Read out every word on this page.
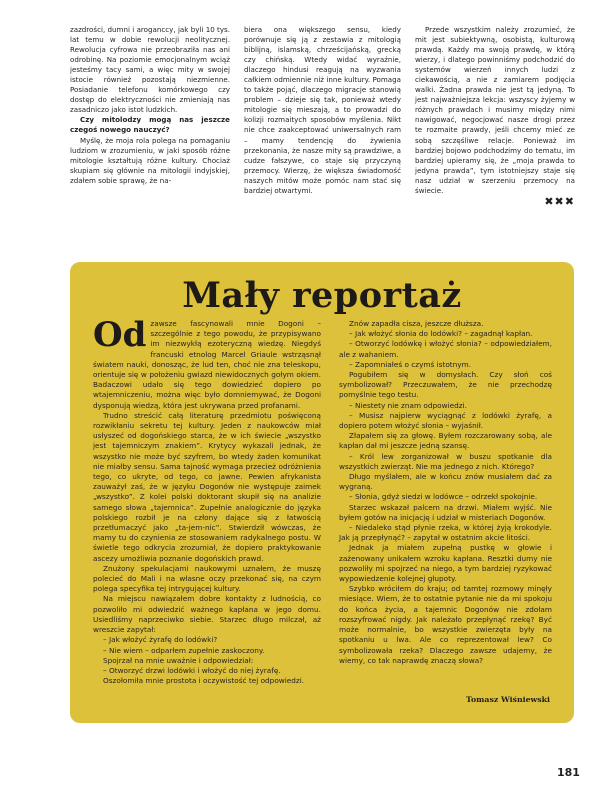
zazdrości, dumni i aroganccy, jak byli 10 tys. lat temu w dobie rewolucji neolitycznej. Rewolucja cyfrowa nie przeobraziła nas ani odrobinę. Na poziomie emocjonalnym wciąż jesteśmy tacy sami, a więc mity w swojej istocie również pozostają niezmienne. Posiadanie telefonu komórkowego czy dostęp do elektryczności nie zmieniają nas zasadniczo jako istot ludzkich.

Czy mitolodzy mogą nas jeszcze czegoś nowego nauczyć?

Myślę, że moja rola polega na pomaganiu ludziom w zrozumieniu, w jaki sposób różne mitologie kształtują różne kultury. Chociaż skupiam się głównie na mitologii indyjskiej, zdałem sobie sprawę, że na-

biera ona większego sensu, kiedy porównuje się ją z zestawia z mitologią biblijną, islamską, chrześcijańską, grecką czy chińską. Wtedy widać wyraźnie, dlaczego hindusi reagują na wyzwania całkiem odmiennie niż inne kultury. Pomaga to także pojąć, dlaczego migracje stanowią problem – dzieje się tak, ponieważ wtedy mitologie się mieszają, a to prowadzi do kolizji rozmaitych sposobów myślenia. Nikt nie chce zaakceptować uniwersalnych ram – mamy tendencję do żywienia przekonania, że nasze mity są prawdziwe, a cudze fałszywe, co staje się przyczyną przemocy. Wierzę, że większa świadomość naszych mitów może pomóc nam stać się bardziej otwartymi.

Przede wszystkim należy zrozumieć, że mit jest subiektywną, osobistą, kulturową prawdą. Każdy ma swoją prawdę, w którą wierzy, i dlatego powinniśmy podchodzić do systemów wierzeń innych ludzi z ciekawością, a nie z zamiarem podjęcia walki. Żadna prawda nie jest tą jedyną. To jest najważniejsza lekcja: wszyscy żyjemy w różnych prawdach i musimy między nimi nawigować, negocjować nasze drogi przez te rozmaite prawdy, jeśli chcemy mieć ze sobą szczęśliwe relacje. Ponieważ im bardziej bojowo podchodzimy do tematu, im bardziej upieramy się, że „moja prawda to jedyna prawda”, tym istotniejszy staje się nasz udział w szerzeniu przemocy na świecie.

✖✖✖
Mały reportaż

Od zawsze fascynowali mnie Dogoni – szczególnie z tego powodu, że przypisywano im niezwykłą ezoteryczną wiedzę. Niegdyś francuski etnolog Marcel Griaule wstrząsnął światem nauki, donosząc, że lud ten, choć nie zna teleskopu, orientuje się w położeniu gwiazd niewidocznych gołym okiem. Badaczowi udało się tego dowiedzieć dopiero po wtajemniczeniu, można więc było domniemywać, że Dogoni dysponują wiedzą, która jest ukrywana przed profanami.

Trudno streścić całą literaturę przedmiotu poświęconą rozwikłaniu sekretu tej kultury. Jeden z naukowców miał usłyszeć od dogońskiego starca, że w ich świecie „wszystko jest tajemniczym znakiem”. Krytycy wykazali jednak, że wszystko nie może być szyfrem, bo wtedy żaden komunikat nie miałby sensu. Sama tajność wymaga przecież odróżnienia tego, co ukryte, od tego, co jawne. Pewien afrykanista zauważył zaś, że w języku Dogonów nie występuje zaimek „wszystko”. Z kolei polski doktorant skupił się na analizie samego słowa „tajemnica”. Zupełnie analogicznie do języka polskiego rozbił je na człony dające się z łatwością przetłumaczyć jako „ta-jem-nic”. Stwierdził wówczas, że mamy tu do czynienia ze stosowaniem radykalnego postu. W świetle tego odkrycia zrozumiał, że dopiero praktykowanie ascezy umożliwia poznanie dogońskich prawd.

Znużony spekulacjami naukowymi uznałem, że muszę polecieć do Mali i na własne oczy przekonać się, na czym polega specyfika tej intrygującej kultury.

Na miejscu nawiązałem dobre kontakty z ludnością, co pozwoliło mi odwiedzić ważnego kapłana w jego domu. Usiedliśmy naprzeciwko siebie. Starzec długo milczał, aż wreszcie zapytał:

– Jak włożyć żyrafę do lodówki?

– Nie wiem – odparłem zupełnie zaskoczony.

Spojrzał na mnie uważnie i odpowiedział:

– Otworzyć drzwi lodówki i włożyć do niej żyrafę.

Oszołomiła mnie prostota i oczywistość tej odpowiedzi.

Znów zapadła cisza, jeszcze dłuższa.

– Jak włożyć słonia do lodówki? – zagadnął kapłan.

– Otworzyć lodówkę i włożyć słonia? – odpowiedziałem, ale z wahaniem.

– Zapomniałeś o czymś istotnym.

Pogubiłem się w domysłach. Czy słoń coś symbolizował? Przeczuwałem, że nie przechodzę pomyślnie tego testu.

– Niestety nie znam odpowiedzi.

– Musisz najpierw wyciągnąć z lodówki żyrafę, a dopiero potem włożyć słonia – wyjaśnił.

Złapałem się za głowę. Byłem rozczarowany sobą, ale kapłan dał mi jeszcze jedną szansę.

– Król lew zorganizował w buszu spotkanie dla wszystkich zwierząt. Nie ma jednego z nich. Którego?

Długo myślałem, ale w końcu znów musiałem dać za wygraną.

– Słonia, gdyż siedzi w lodówce – odrzekł spokojnie.

Starzec wskazał palcem na drzwi. Miałem wyjść. Nie byłem gotów na inicjację i udział w misteriach Dogonów.

– Niedaleko stąd płynie rzeka, w której żyją krokodyle. Jak ją przepłynąć? – zapytał w ostatnim akcie litości.

Jednak ja miałem zupełną pustkę w głowie i zażenowany unikałem wzroku kapłana. Resztki dumy nie pozwoliły mi spojrzeć na niego, a tym bardziej ryzykować wypowiedzenie kolejnej głupoty.

Szybko wróciłem do kraju; od tamtej rozmowy minęły miesiące. Wiem, że to ostatnie pytanie nie da mi spokoju do końca życia, a tajemnic Dogonów nie zdołam rozszyfrować nigdy. Jak należało przepłynąć rzekę? Być może normalnie, bo wszystkie zwierzęta były na spotkaniu u lwa. Ale co reprezentował lew? Co symbolizowała rzeka? Dlaczego zawsze udajemy, że wiemy, co tak naprawdę znaczą słowa?

Tomasz Wiśniewski
181
